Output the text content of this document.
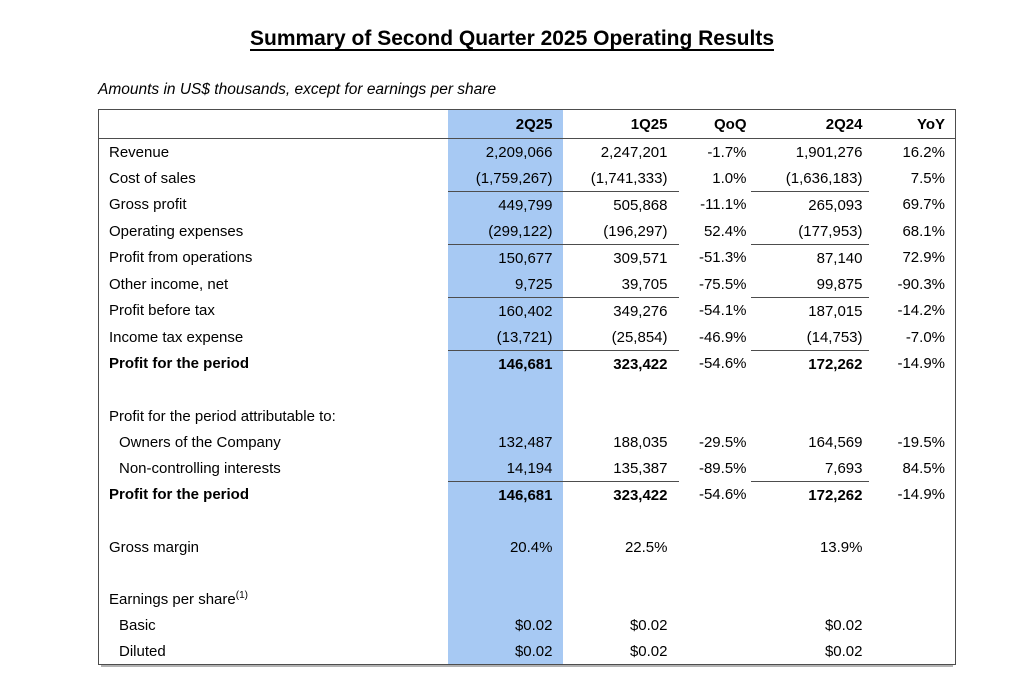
Summary of Second Quarter 2025 Operating Results

Amounts in US$ thousands, except for earnings per share

	2Q25	1Q25	QoQ	2Q24	YoY
Revenue	2,209,066	2,247,201	-1.7%	1,901,276	16.2%
Cost of sales	(1,759,267)	(1,741,333)	1.0%	(1,636,183)	7.5%
Gross profit	449,799	505,868	-11.1%	265,093	69.7%
Operating expenses	(299,122)	(196,297)	52.4%	(177,953)	68.1%
Profit from operations	150,677	309,571	-51.3%	87,140	72.9%
Other income, net	9,725	39,705	-75.5%	99,875	-90.3%
Profit before tax	160,402	349,276	-54.1%	187,015	-14.2%
Income tax expense	(13,721)	(25,854)	-46.9%	(14,753)	-7.0%
Profit for the period	146,681	323,422	-54.6%	172,262	-14.9%

Profit for the period attributable to:					
Owners of the Company	132,487	188,035	-29.5%	164,569	-19.5%
Non-controlling interests	14,194	135,387	-89.5%	7,693	84.5%
Profit for the period	146,681	323,422	-54.6%	172,262	-14.9%

Gross margin	20.4%	22.5%		13.9%	

Earnings per share$^{(1)}$					
Basic	$0.02	$0.02		$0.02	
Diluted	$0.02	$0.02		$0.02	
